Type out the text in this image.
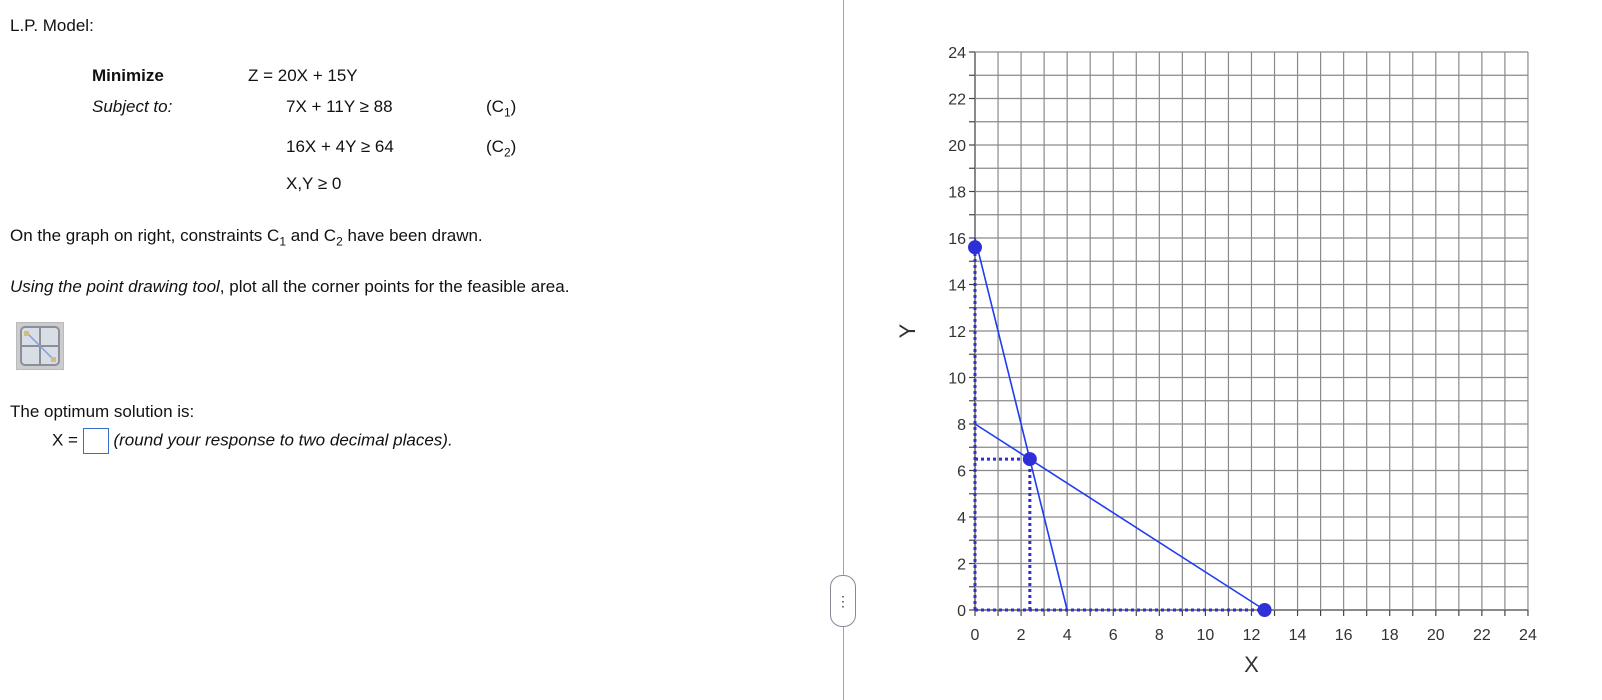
L.P. Model:
Minimize	Z = 20X + 15Y
Subject to:	7X + 11Y ≥ 88	$(C_1)$
16X + 4Y ≥ 64	$(C_2)$
X,Y ≥ 0
On the graph on right, constraints $C_1$ and $C_2$ have been drawn.
Using the point drawing tool, plot all the corner points for the feasible area.
The optimum solution is:
X = (round your response to two decimal places).
⋮
0 2 4 6 8 10 12 14 16 18 20 22 24
0
2
4
6
8
10
12
14
16
18
20
22
24
X
Y
